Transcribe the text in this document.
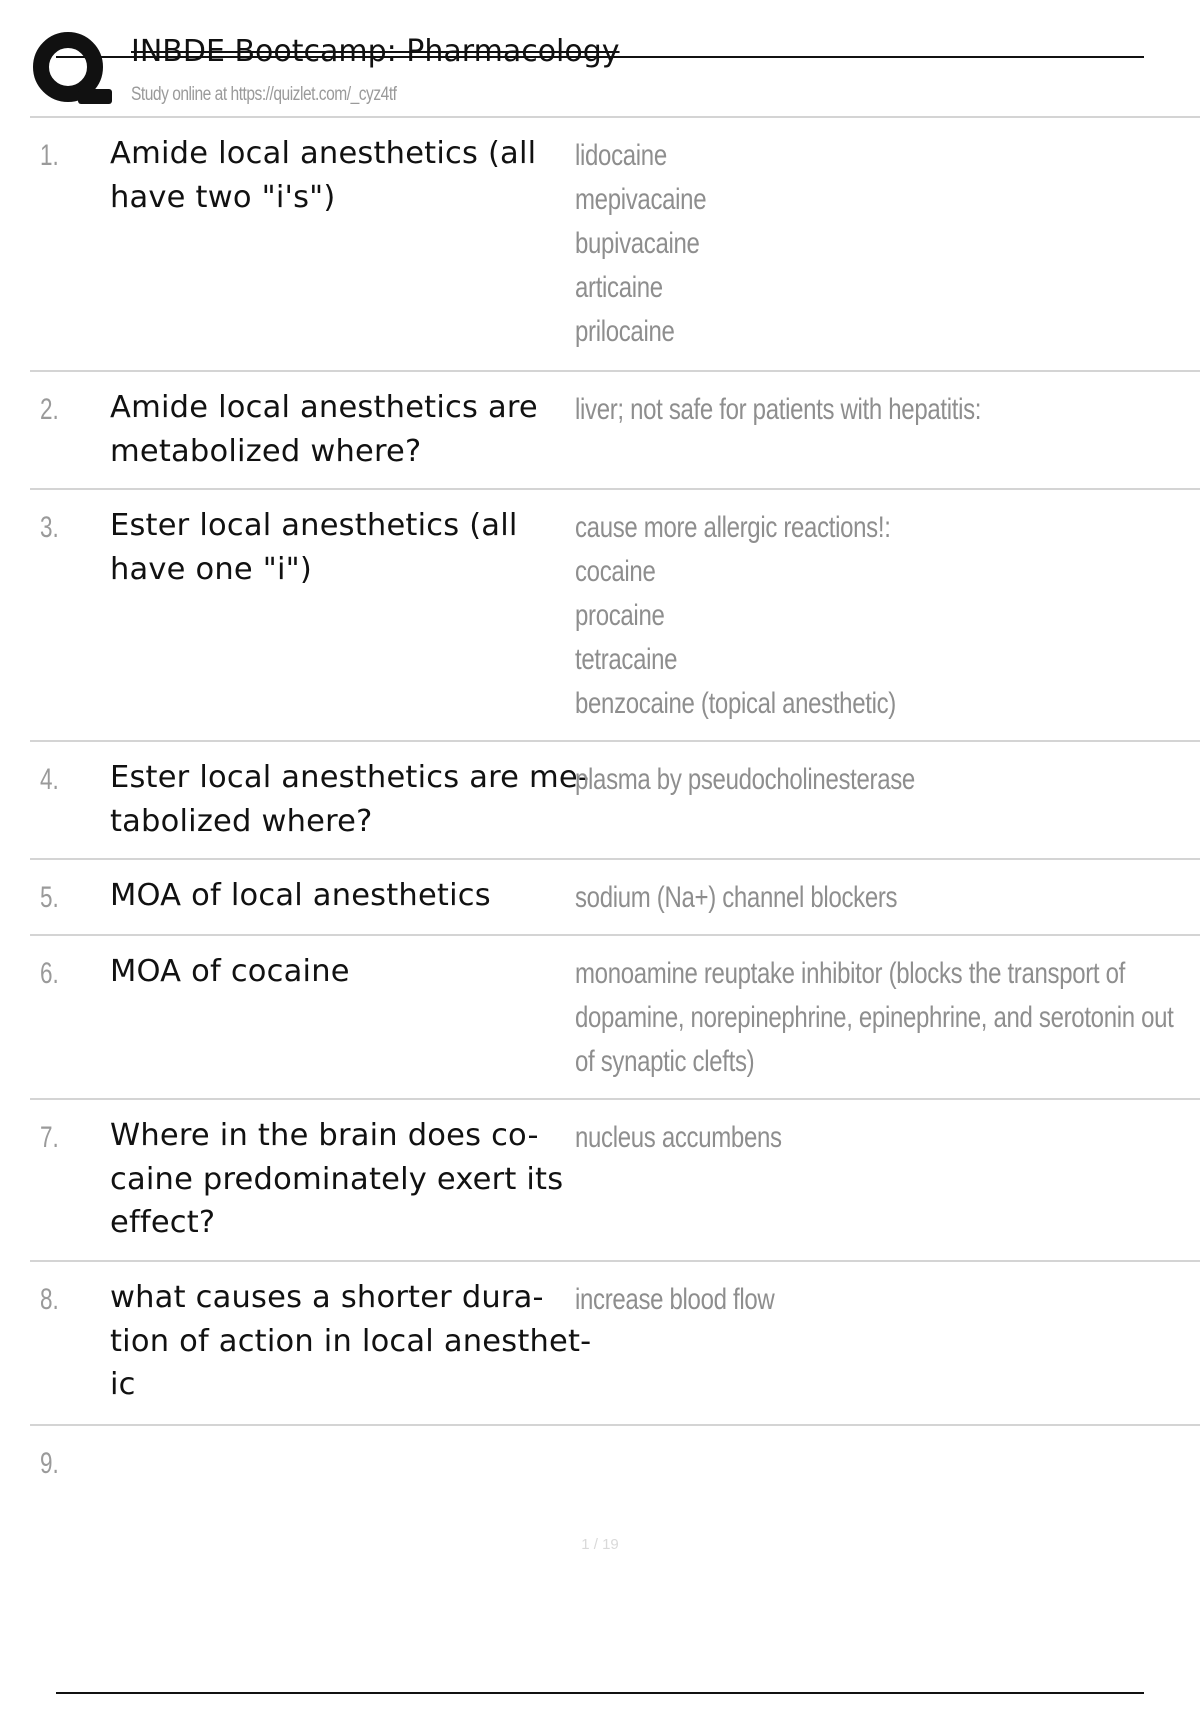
INBDE Bootcamp: Pharmacology
Study online at https://quizlet.com/_cyz4tf
1. Amide local anesthetics (all
have two "i's")
lidocaine
mepivacaine
bupivacaine
articaine
prilocaine
2. Amide local anesthetics are
metabolized where?
liver; not safe for patients with hepatitis:
3. Ester local anesthetics (all
have one "i")
cause more allergic reactions!:
cocaine
procaine
tetracaine
benzocaine (topical anesthetic)
4. Ester local anesthetics are me-
tabolized where?
plasma by pseudocholinesterase
5. MOA of local anesthetics	sodium (Na+) channel blockers
6. MOA of cocaine	monoamine reuptake inhibitor (blocks the transport of
dopamine, norepinephrine, epinephrine, and serotonin out
of synaptic clefts)
7. Where in the brain does co-
caine predominately exert its
effect?
nucleus accumbens
8. what causes a shorter dura-
tion of action in local anesthet-
ic
increase blood flow
9.
1 / 19
